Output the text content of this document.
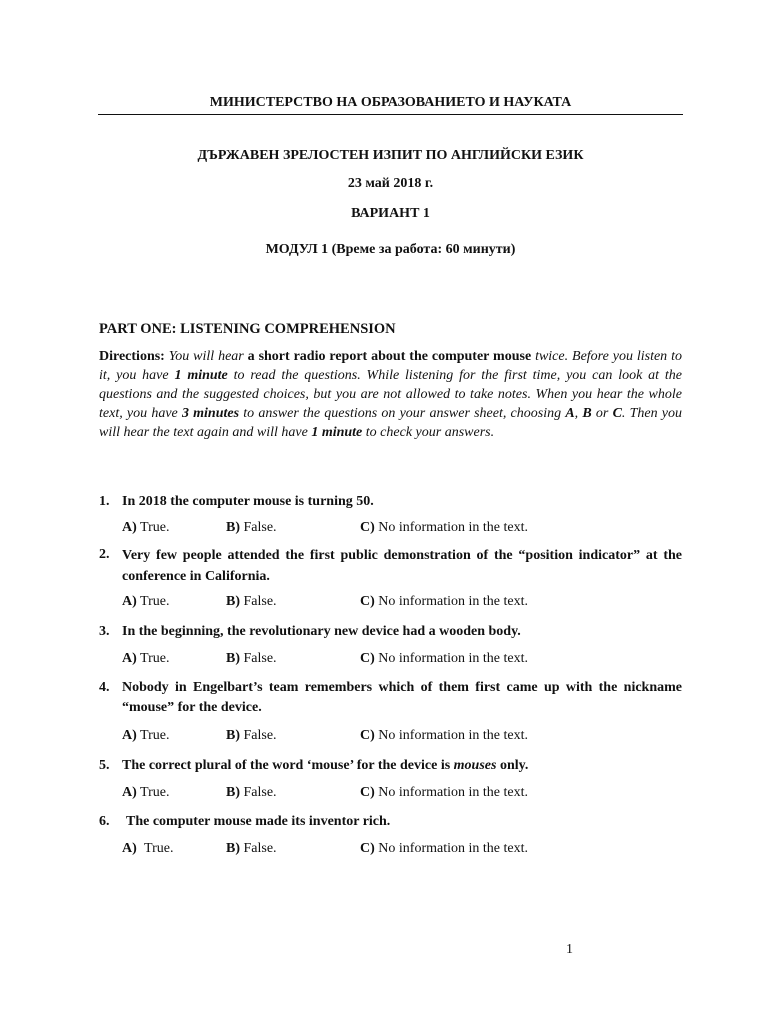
МИНИСТЕРСТВО НА ОБРАЗОВАНИЕТО И НАУКАТА
ДЪРЖАВЕН ЗРЕЛОСТЕН ИЗПИТ ПО АНГЛИЙСКИ ЕЗИК
23 май 2018 г.
ВАРИАНТ 1
МОДУЛ 1 (Време за работа: 60 минути)
PART ONE: LISTENING COMPREHENSION
Directions: You will hear a short radio report about the computer mouse twice. Before you listen to it, you have 1 minute to read the questions. While listening for the first time, you can look at the questions and the suggested choices, but you are not allowed to take notes. When you hear the whole text, you have 3 minutes to answer the questions on your answer sheet, choosing A, B or C. Then you will hear the text again and will have 1 minute to check your answers.
1. In 2018 the computer mouse is turning 50.
A) True.	B) False.	C) No information in the text.
2. Very few people attended the first public demonstration of the “position indicator” at the conference in California.
A) True.	B) False.	C) No information in the text.
3. In the beginning, the revolutionary new device had a wooden body.
A) True.	B) False.	C) No information in the text.
4. Nobody in Engelbart’s team remembers which of them first came up with the nickname “mouse” for the device.
A) True.	B) False.	C) No information in the text.
5. The correct plural of the word ‘mouse’ for the device is mouses only.
A) True.	B) False.	C) No information in the text.
6. The computer mouse made its inventor rich.
A) True.	B) False.	C) No information in the text.
1
